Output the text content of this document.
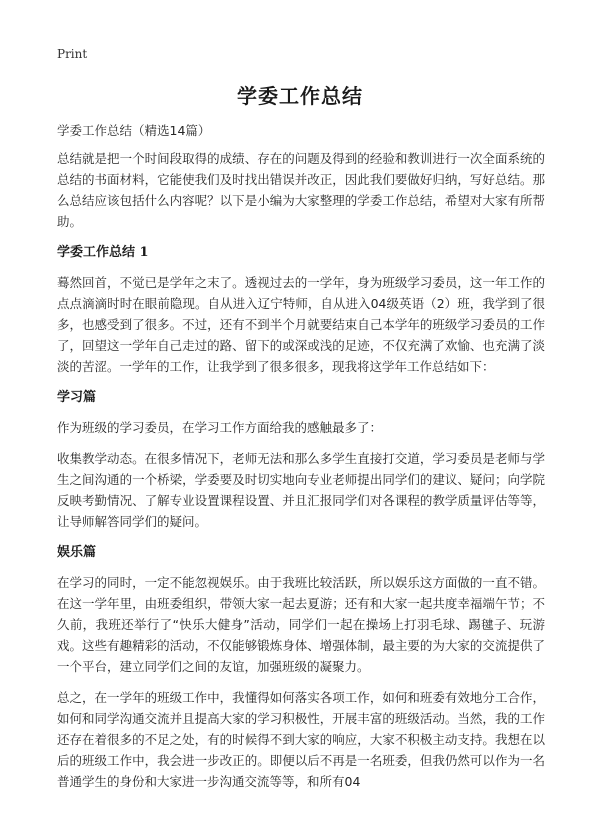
Print
学委工作总结

学委工作总结（精选14篇）

总结就是把一个时间段取得的成绩、存在的问题及得到的经验和教训进行一次全面系统的总结的书面材料，它能使我们及时找出错误并改正，因此我们要做好归纳，写好总结。那么总结应该包括什么内容呢？以下是小编为大家整理的学委工作总结，希望对大家有所帮助。

学委工作总结 1

蓦然回首，不觉已是学年之末了。透视过去的一学年，身为班级学习委员，这一年工作的点点滴滴时时在眼前隐现。自从进入辽宁特师，自从进入04级英语（2）班，我学到了很多，也感受到了很多。不过，还有不到半个月就要结束自己本学年的班级学习委员的工作了，回望这一学年自己走过的路、留下的或深或浅的足迹，不仅充满了欢愉、也充满了淡淡的苦涩。一学年的工作，让我学到了很多很多，现我将这学年工作总结如下：

学习篇

作为班级的学习委员，在学习工作方面给我的感触最多了：

收集教学动态。在很多情况下，老师无法和那么多学生直接打交道，学习委员是老师与学生之间沟通的一个桥梁，学委要及时切实地向专业老师提出同学们的建议、疑问；向学院反映考勤情况、了解专业设置课程设置、并且汇报同学们对各课程的教学质量评估等等，让导师解答同学们的疑问。

娱乐篇

在学习的同时，一定不能忽视娱乐。由于我班比较活跃，所以娱乐这方面做的一直不错。在这一学年里，由班委组织，带领大家一起去夏游；还有和大家一起共度幸福端午节；不久前，我班还举行了“快乐大健身”活动，同学们一起在操场上打羽毛球、踢毽子、玩游戏。这些有趣精彩的活动，不仅能够锻炼身体、增强体制，最主要的为大家的交流提供了一个平台，建立同学们之间的友谊，加强班级的凝聚力。

总之，在一学年的班级工作中，我懂得如何落实各项工作，如何和班委有效地分工合作，如何和同学沟通交流并且提高大家的学习积极性，开展丰富的班级活动。当然，我的工作还存在着很多的不足之处，有的时候得不到大家的响应，大家不积极主动支持。我想在以后的班级工作中，我会进一步改正的。即便以后不再是一名班委，但我仍然可以作为一名普通学生的身份和大家进一步沟通交流等等，和所有04
